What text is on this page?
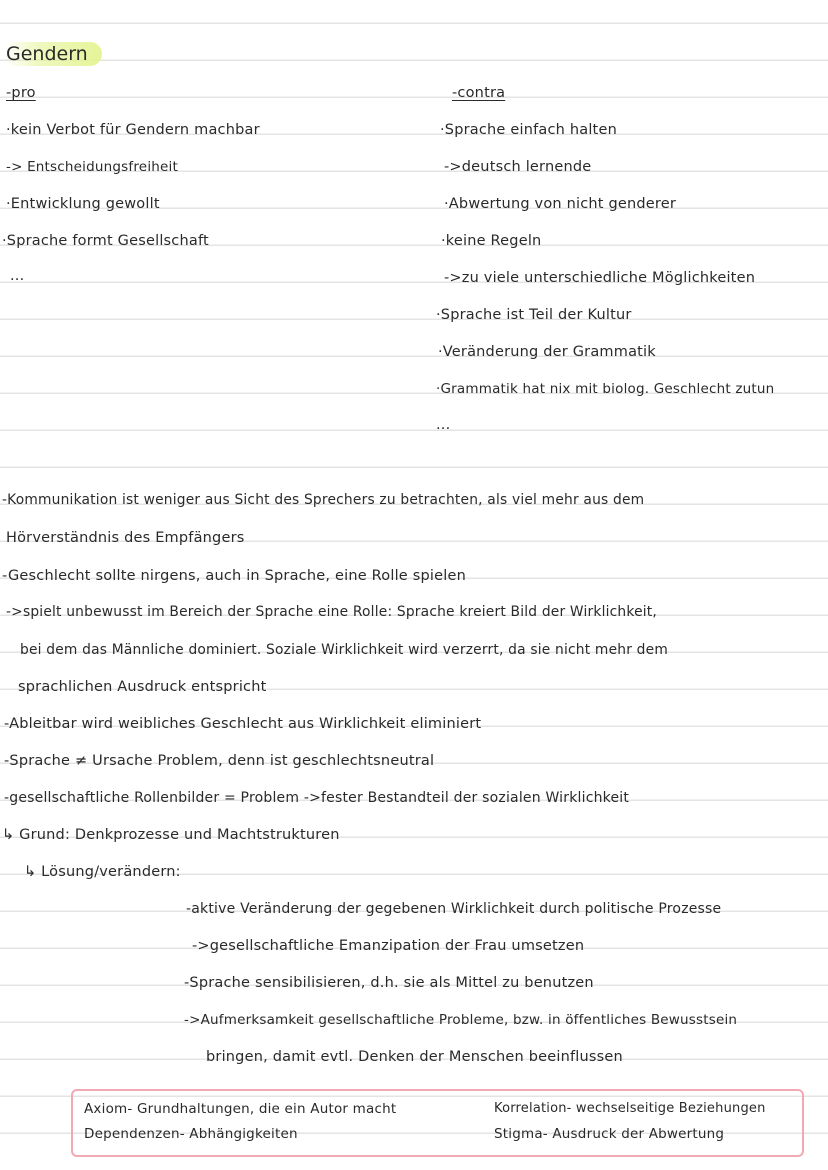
Gendern
-pro
·kein Verbot für Gendern machbar
-> Entscheidungsfreiheit
·Entwicklung gewollt
·Sprache formt Gesellschaft
...
-contra
·Sprache einfach halten
->deutsch lernende
·Abwertung von nicht genderer
·keine Regeln
->zu viele unterschiedliche Möglichkeiten
·Sprache ist Teil der Kultur
·Veränderung der Grammatik
·Grammatik hat nix mit biolog. Geschlecht zutun
...
-Kommunikation ist weniger aus Sicht des Sprechers zu betrachten, als viel mehr aus dem
Hörverständnis des Empfängers
-Geschlecht sollte nirgens, auch in Sprache, eine Rolle spielen
->spielt unbewusst im Bereich der Sprache eine Rolle: Sprache kreiert Bild der Wirklichkeit,
bei dem das Männliche dominiert. Soziale Wirklichkeit wird verzerrt, da sie nicht mehr dem
sprachlichen Ausdruck entspricht
-Ableitbar wird weibliches Geschlecht aus Wirklichkeit eliminiert
-Sprache ≠ Ursache Problem, denn ist geschlechtsneutral
-gesellschaftliche Rollenbilder = Problem ->fester Bestandteil der sozialen Wirklichkeit
↳ Grund: Denkprozesse und Machtstrukturen
↳ Lösung/verändern:
-aktive Veränderung der gegebenen Wirklichkeit durch politische Prozesse
->gesellschaftliche Emanzipation der Frau umsetzen
-Sprache sensibilisieren, d.h. sie als Mittel zu benutzen
->Aufmerksamkeit gesellschaftliche Probleme, bzw. in öffentliches Bewusstsein
bringen, damit evtl. Denken der Menschen beeinflussen
Axiom- Grundhaltungen, die ein Autor macht
Dependenzen- Abhängigkeiten
Korrelation- wechselseitige Beziehungen
Stigma- Ausdruck der Abwertung
